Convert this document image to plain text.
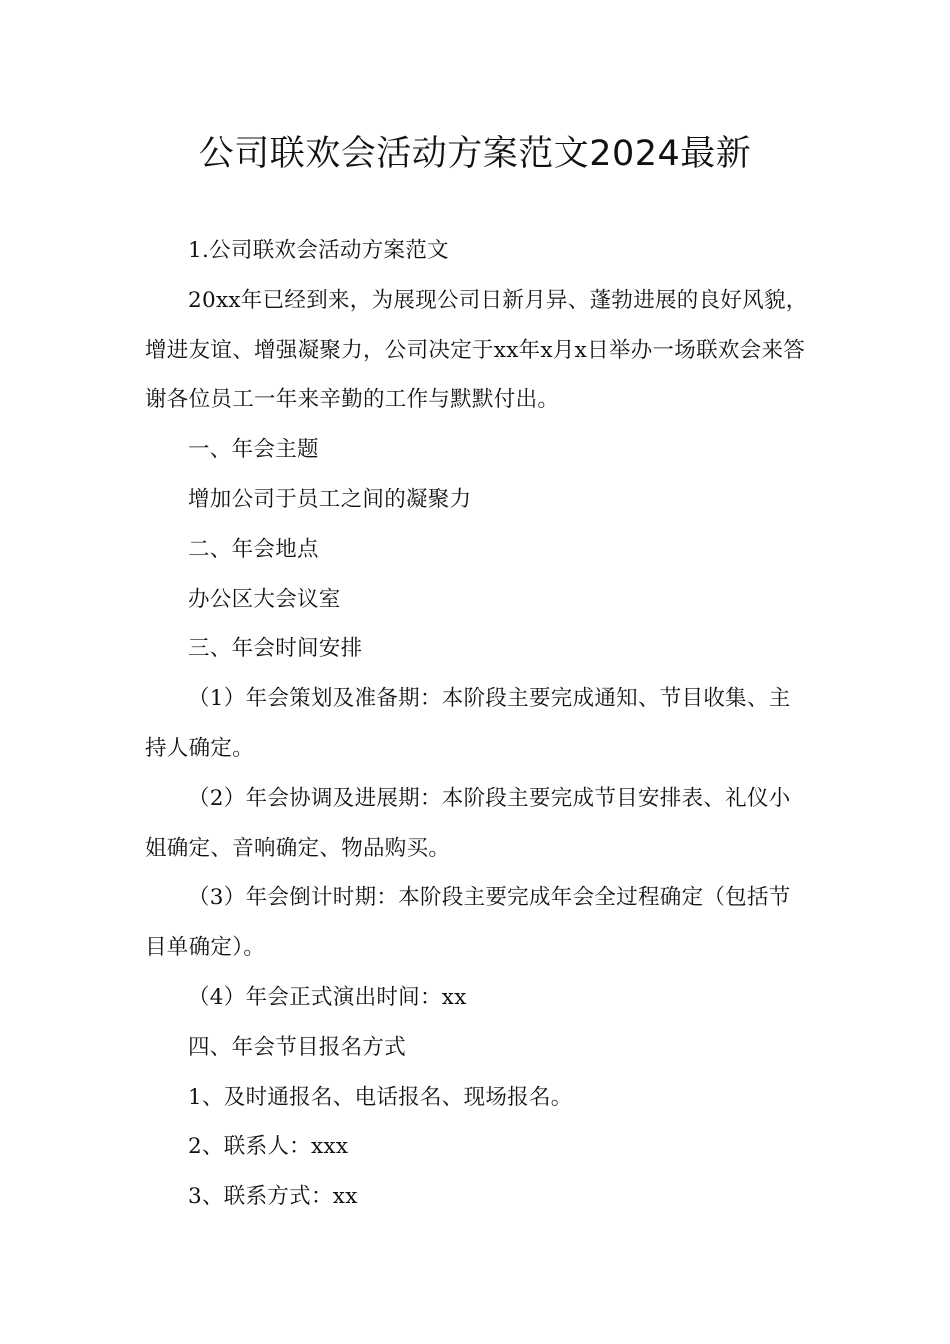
公司联欢会活动方案范文2024最新

1.公司联欢会活动方案范文

20xx年已经到来，为展现公司日新月异、蓬勃进展的良好风貌，增进友谊、增强凝聚力，公司决定于xx年x月x日举办一场联欢会来答谢各位员工一年来辛勤的工作与默默付出。

一、年会主题

增加公司于员工之间的凝聚力

二、年会地点

办公区大会议室

三、年会时间安排

（1）年会策划及准备期：本阶段主要完成通知、节目收集、主持人确定。

（2）年会协调及进展期：本阶段主要完成节目安排表、礼仪小姐确定、音响确定、物品购买。

（3）年会倒计时期：本阶段主要完成年会全过程确定（包括节目单确定）。

（4）年会正式演出时间：xx

四、年会节目报名方式

1、及时通报名、电话报名、现场报名。

2、联系人：xxx

3、联系方式：xx
